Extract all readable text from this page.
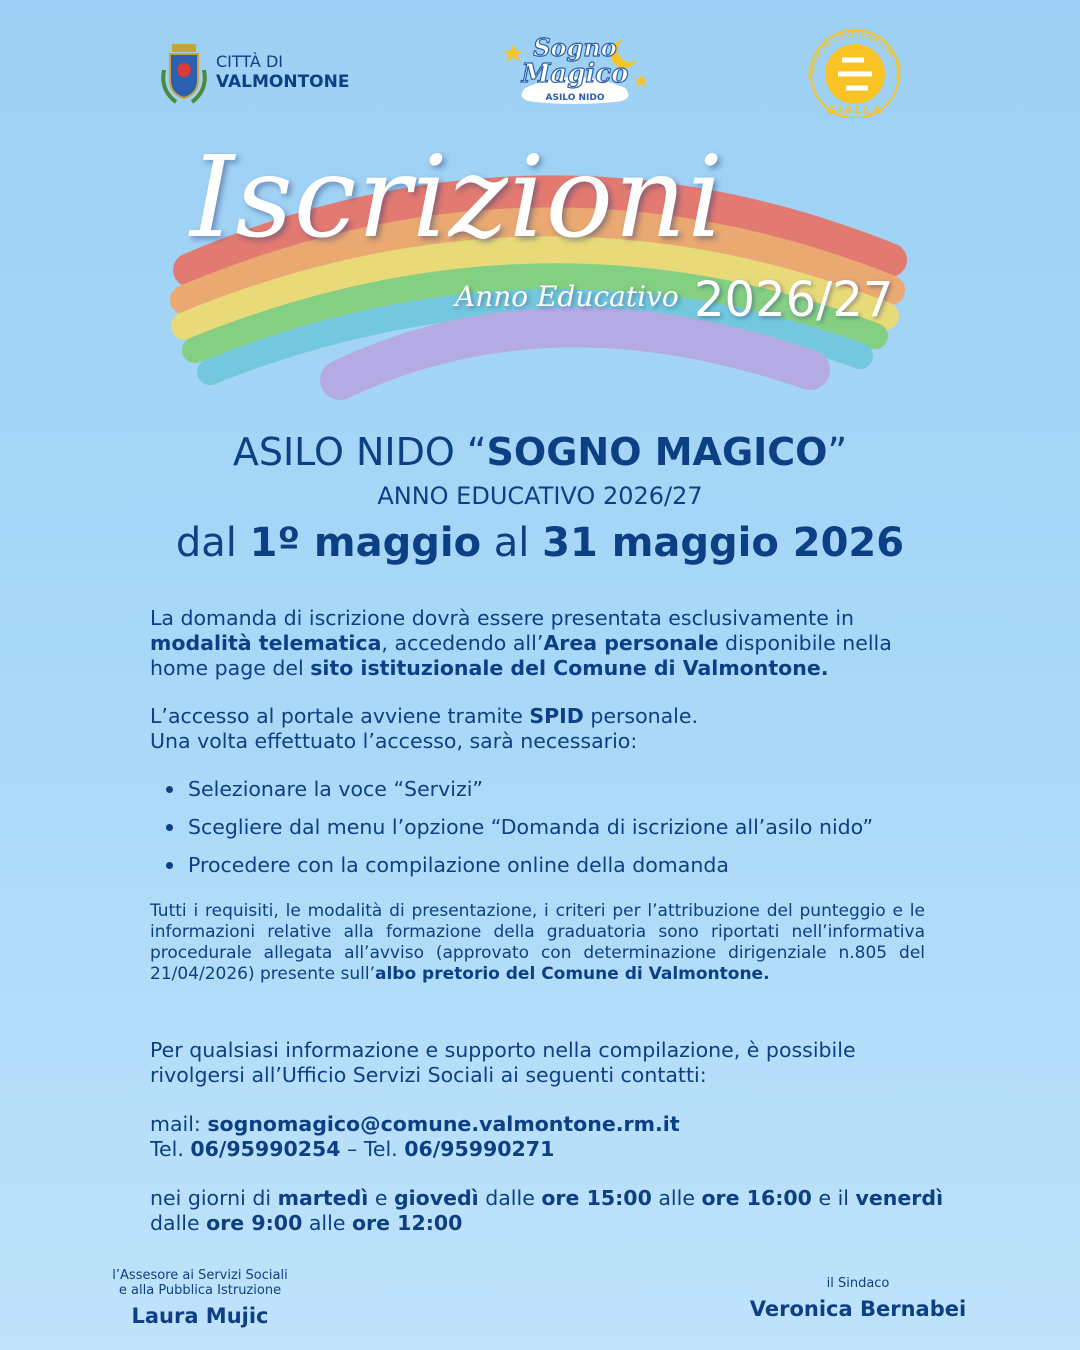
CITTÀ DI
VALMONTONE
Sogno
Magico
ASILO NIDO
SOCIETÀ COOPERATIVA SOC
GIALLA
Iscrizioni
Anno Educativo 2026/27
ASILO NIDO “SOGNO MAGICO”
ANNO EDUCATIVO 2026/27
dal 1º maggio al 31 maggio 2026
La domanda di iscrizione dovrà essere presentata esclusivamente in modalità telematica, accedendo all’Area personale disponibile nella home page del sito istituzionale del Comune di Valmontone.
L’accesso al portale avviene tramite SPID personale.
Una volta effettuato l’accesso, sarà necessario:
Selezionare la voce “Servizi”
Scegliere dal menu l’opzione “Domanda di iscrizione all’asilo nido”
Procedere con la compilazione online della domanda
Tutti i requisiti, le modalità di presentazione, i criteri per l’attribuzione del punteggio e le informazioni relative alla formazione della graduatoria sono riportati nell’informativa procedurale allegata all’avviso (approvato con determinazione dirigenziale n.805 del 21/04/2026) presente sull’albo pretorio del Comune di Valmontone.
Per qualsiasi informazione e supporto nella compilazione, è possibile rivolgersi all’Ufficio Servizi Sociali ai seguenti contatti:
mail: sognomagico@comune.valmontone.rm.it
Tel. 06/95990254 – Tel. 06/95990271
nei giorni di martedì e giovedì dalle ore 15:00 alle ore 16:00 e il venerdì
dalle ore 9:00 alle ore 12:00
l’Assesore ai Servizi Sociali
e alla Pubblica Istruzione
Laura Mujic
il Sindaco
Veronica Bernabei
